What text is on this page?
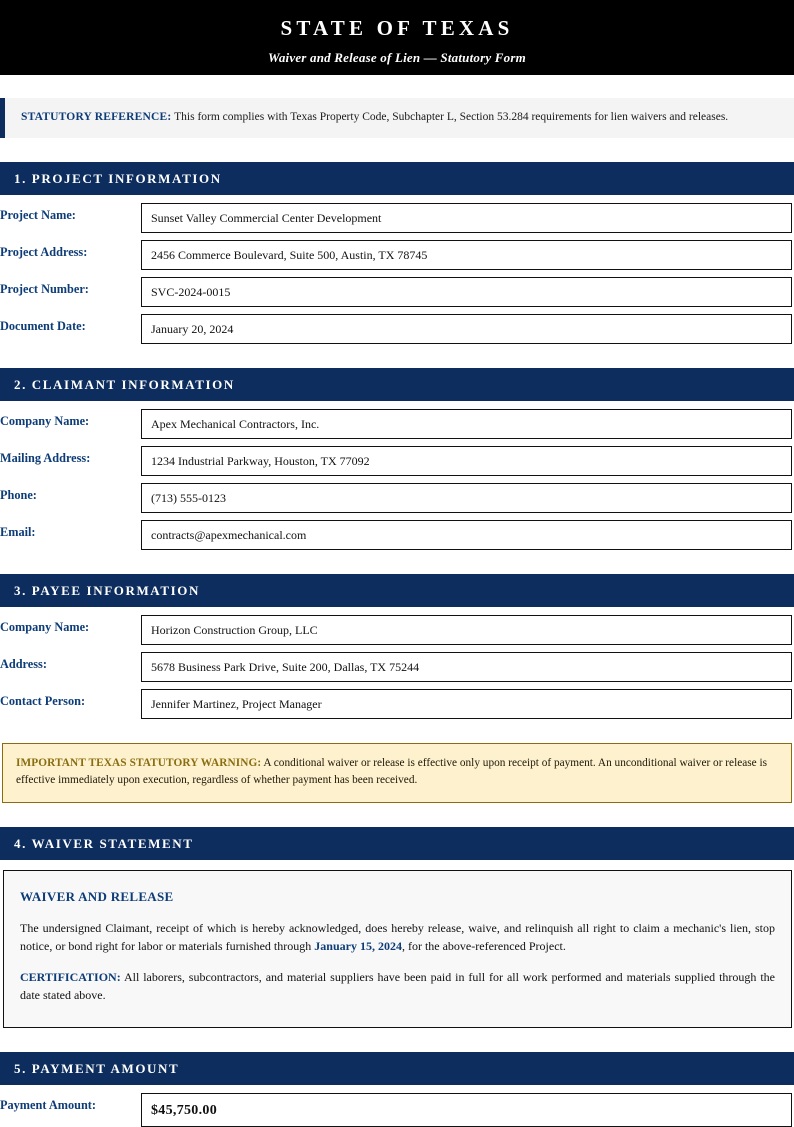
STATE OF TEXAS
Waiver and Release of Lien — Statutory Form
STATUTORY REFERENCE: This form complies with Texas Property Code, Subchapter L, Section 53.284 requirements for lien waivers and releases.
1. PROJECT INFORMATION
Project Name:	Sunset Valley Commercial Center Development
Project Address:	2456 Commerce Boulevard, Suite 500, Austin, TX 78745
Project Number:	SVC-2024-0015
Document Date:	January 20, 2024
2. CLAIMANT INFORMATION
Company Name:	Apex Mechanical Contractors, Inc.
Mailing Address:	1234 Industrial Parkway, Houston, TX 77092
Phone:	(713) 555-0123
Email:	contracts@apexmechanical.com
3. PAYEE INFORMATION
Company Name:	Horizon Construction Group, LLC
Address:	5678 Business Park Drive, Suite 200, Dallas, TX 75244
Contact Person:	Jennifer Martinez, Project Manager
IMPORTANT TEXAS STATUTORY WARNING: A conditional waiver or release is effective only upon receipt of payment. An unconditional waiver or release is effective immediately upon execution, regardless of whether payment has been received.
4. WAIVER STATEMENT
WAIVER AND RELEASE

The undersigned Claimant, receipt of which is hereby acknowledged, does hereby release, waive, and relinquish all right to claim a mechanic's lien, stop notice, or bond right for labor or materials furnished through January 15, 2024, for the above-referenced Project.

CERTIFICATION: All laborers, subcontractors, and material suppliers have been paid in full for all work performed and materials supplied through the date stated above.

5. PAYMENT AMOUNT
Payment Amount:	$45,750.00
